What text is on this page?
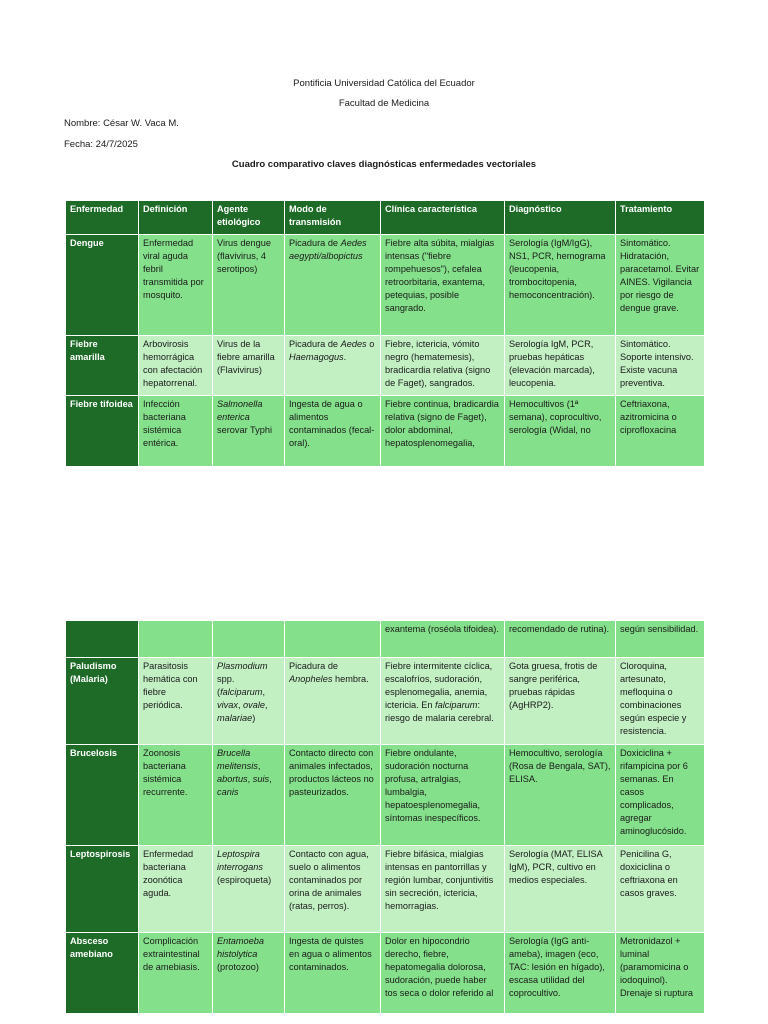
Pontificia Universidad Católica del Ecuador
Facultad de Medicina
Nombre: César W. Vaca M.
Fecha: 24/7/2025
Cuadro comparativo claves diagnósticas enfermedades vectoriales
Enfermedad	Definición	Agente etiológico	Modo de transmisión	Clínica característica	Diagnóstico	Tratamiento

Dengue	Enfermedad viral aguda febril transmitida por mosquito.	Virus dengue (flavivirus, 4 serotipos)	Picadura de Aedes aegypti/albopictus	Fiebre alta súbita, mialgias intensas ("fiebre rompehuesos"), cefalea retroorbitaria, exantema, petequias, posible sangrado.	Serología (IgM/IgG), NS1, PCR, hemograma (leucopenia, trombocitopenia, hemoconcentración).	Sintomático. Hidratación, paracetamol. Evitar AINES. Vigilancia por riesgo de dengue grave.

Fiebre amarilla	Arbovirosis hemorrágica con afectación hepatorrenal.	Virus de la fiebre amarilla (Flavivirus)	Picadura de Aedes o Haemagogus.	Fiebre, ictericia, vómito negro (hematemesis), bradicardia relativa (signo de Faget), sangrados.	Serología IgM, PCR, pruebas hepáticas (elevación marcada), leucopenia.	Sintomático. Soporte intensivo. Existe vacuna preventiva.

Fiebre tifoidea	Infección bacteriana sistémica entérica.	Salmonella enterica serovar Typhi	Ingesta de agua o alimentos contaminados (fecal-oral).	Fiebre continua, bradicardia relativa (signo de Faget), dolor abdominal, hepatosplenomegalia,	Hemocultivos (1ª semana), coprocultivo, serología (Widal, no	Ceftriaxona, azitromicina o ciprofloxacina

				exantema (roséola tifoidea).	recomendado de rutina).	según sensibilidad.

Paludismo (Malaria)	Parasitosis hemática con fiebre periódica.	Plasmodium spp. (falciparum, vivax, ovale, malariae)	Picadura de Anopheles hembra.	Fiebre intermitente cíclica, escalofríos, sudoración, esplenomegalia, anemia, ictericia. En falciparum: riesgo de malaria cerebral.	Gota gruesa, frotis de sangre periférica, pruebas rápidas (AgHRP2).	Cloroquina, artesunato, mefloquina o combinaciones según especie y resistencia.

Brucelosis	Zoonosis bacteriana sistémica recurrente.	Brucella melitensis, abortus, suis, canis	Contacto directo con animales infectados, productos lácteos no pasteurizados.	Fiebre ondulante, sudoración nocturna profusa, artralgias, lumbalgia, hepatoesplenomegalia, síntomas inespecíficos.	Hemocultivo, serología (Rosa de Bengala, SAT), ELISA.	Doxiciclina + rifampicina por 6 semanas. En casos complicados, agregar aminoglucósido.

Leptospirosis	Enfermedad bacteriana zoonótica aguda.	Leptospira interrogans (espiroqueta)	Contacto con agua, suelo o alimentos contaminados por orina de animales (ratas, perros).	Fiebre bifásica, mialgias intensas en pantorrillas y región lumbar, conjuntivitis sin secreción, ictericia, hemorragias.	Serología (MAT, ELISA IgM), PCR, cultivo en medios especiales.	Penicilina G, doxiciclina o ceftriaxona en casos graves.

Absceso amebiano	Complicación extraintestinal de amebiasis.	Entamoeba histolytica (protozoo)	Ingesta de quistes en agua o alimentos contaminados.	Dolor en hipocondrio derecho, fiebre, hepatomegalia dolorosa, sudoración, puede haber tos seca o dolor referido al	Serología (IgG anti-ameba), imagen (eco, TAC: lesión en hígado), escasa utilidad del coprocultivo.	Metronidazol + luminal (paramomicina o iodoquinol). Drenaje si ruptura
